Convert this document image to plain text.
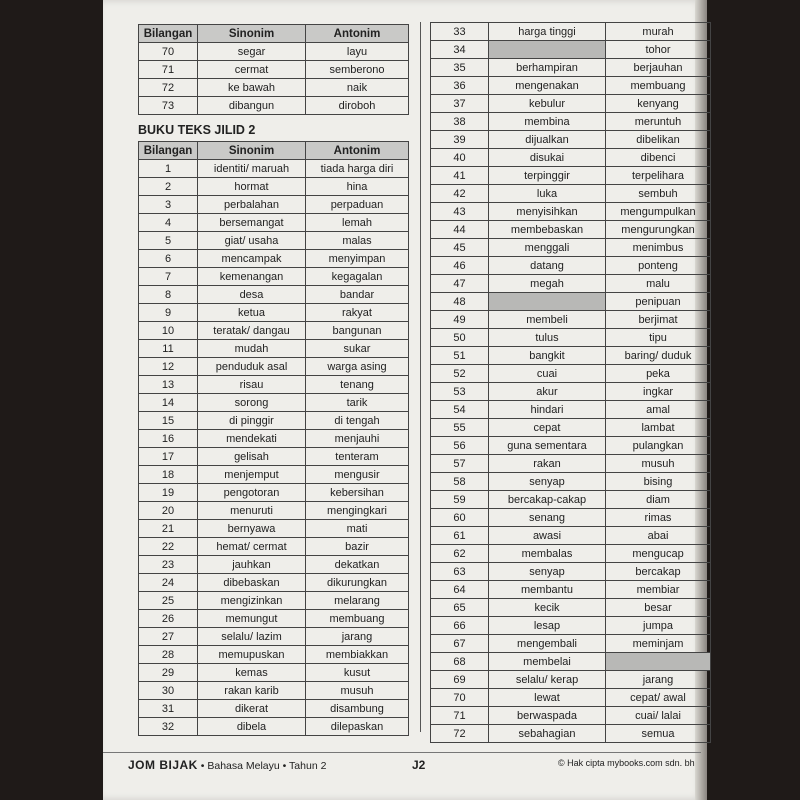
Bilangan	Sinonim	Antonim
70	segar	layu
71	cermat	semberono
72	ke bawah	naik
73	dibangun	diroboh
BUKU TEKS JILID 2
Bilangan	Sinonim	Antonim
1	identiti/ maruah	tiada harga diri
2	hormat	hina
3	perbalahan	perpaduan
4	bersemangat	lemah
5	giat/ usaha	malas
6	mencampak	menyimpan
7	kemenangan	kegagalan
8	desa	bandar
9	ketua	rakyat
10	teratak/ dangau	bangunan
11	mudah	sukar
12	penduduk asal	warga asing
13	risau	tenang
14	sorong	tarik
15	di pinggir	di tengah
16	mendekati	menjauhi
17	gelisah	tenteram
18	menjemput	mengusir
19	pengotoran	kebersihan
20	menuruti	mengingkari
21	bernyawa	mati
22	hemat/ cermat	bazir
23	jauhkan	dekatkan
24	dibebaskan	dikurungkan
25	mengizinkan	melarang
26	memungut	membuang
27	selalu/ lazim	jarang
28	memupuskan	membiakkan
29	kemas	kusut
30	rakan karib	musuh
31	dikerat	disambung
32	dibela	dilepaskan
33	harga tinggi	murah
34		tohor
35	berhampiran	berjauhan
36	mengenakan	membuang
37	kebulur	kenyang
38	membina	meruntuh
39	dijualkan	dibelikan
40	disukai	dibenci
41	terpinggir	terpelihara
42	luka	sembuh
43	menyisihkan	mengumpulkan
44	membebaskan	mengurungkan
45	menggali	menimbus
46	datang	ponteng
47	megah	malu
48		penipuan
49	membeli	berjimat
50	tulus	tipu
51	bangkit	baring/ duduk
52	cuai	peka
53	akur	ingkar
54	hindari	amal
55	cepat	lambat
56	guna sementara	pulangkan
57	rakan	musuh
58	senyap	bising
59	bercakap-cakap	diam
60	senang	rimas
61	awasi	abai
62	membalas	mengucap
63	senyap	bercakap
64	membantu	membiar
65	kecik	besar
66	lesap	jumpa
67	mengembali	meminjam
68	membelai	
69	selalu/ kerap	jarang
70	lewat	cepat/ awal
71	berwaspada	cuai/ lalai
72	sebahagian	semua
JOM BIJAK • Bahasa Melayu • Tahun 2	J2	© Hak cipta mybooks.com sdn. bh
